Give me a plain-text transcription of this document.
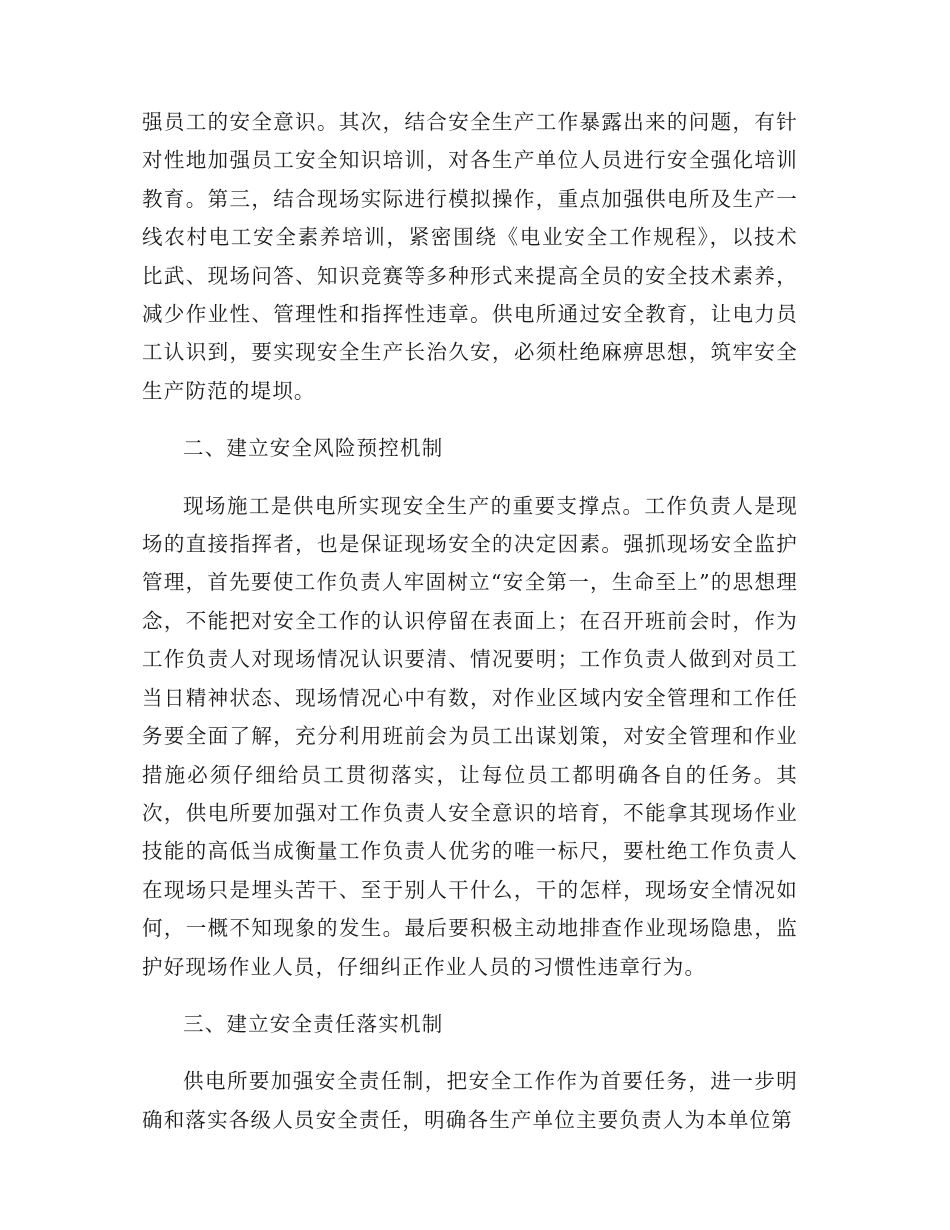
强员工的安全意识。其次，结合安全生产工作暴露出来的问题，有针对性地加强员工安全知识培训，对各生产单位人员进行安全强化培训教育。第三，结合现场实际进行模拟操作，重点加强供电所及生产一线农村电工安全素养培训，紧密围绕《电业安全工作规程》，以技术比武、现场问答、知识竞赛等多种形式来提高全员的安全技术素养，减少作业性、管理性和指挥性违章。供电所通过安全教育，让电力员工认识到，要实现安全生产长治久安，必须杜绝麻痹思想，筑牢安全生产防范的堤坝。

二、建立安全风险预控机制

现场施工是供电所实现安全生产的重要支撑点。工作负责人是现场的直接指挥者，也是保证现场安全的决定因素。强抓现场安全监护管理，首先要使工作负责人牢固树立“安全第一，生命至上”的思想理念，不能把对安全工作的认识停留在表面上；在召开班前会时，作为工作负责人对现场情况认识要清、情况要明；工作负责人做到对员工当日精神状态、现场情况心中有数，对作业区域内安全管理和工作任务要全面了解，充分利用班前会为员工出谋划策，对安全管理和作业措施必须仔细给员工贯彻落实，让每位员工都明确各自的任务。其次，供电所要加强对工作负责人安全意识的培育，不能拿其现场作业技能的高低当成衡量工作负责人优劣的唯一标尺，要杜绝工作负责人在现场只是埋头苦干、至于别人干什么，干的怎样，现场安全情况如何，一概不知现象的发生。最后要积极主动地排查作业现场隐患，监护好现场作业人员，仔细纠正作业人员的习惯性违章行为。

三、建立安全责任落实机制

供电所要加强安全责任制，把安全工作作为首要任务，进一步明确和落实各级人员安全责任，明确各生产单位主要负责人为本单位第
